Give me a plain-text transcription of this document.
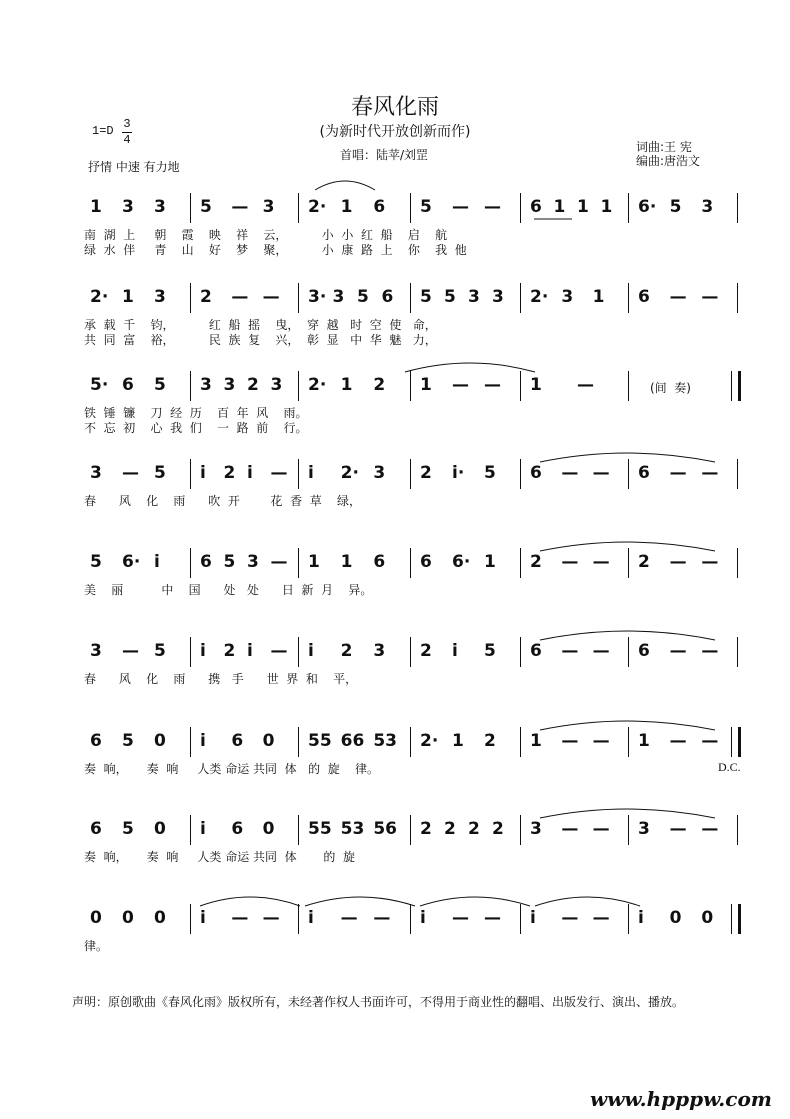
春风化雨
(为新时代开放创新而作)
首唱：陆苹/刘罡
词曲:王 宪
编曲:唐浩文
1=D 3
4
抒情 中速 有力地
1 3 3 5 — 3 2· 1 6 5 — — 6 1 1 1 6· 5 3
南  湖  上     朝    霞    映    祥    云，         小  小  红  船    启    航
绿  水  伴     青    山    好    梦    聚，         小  康  路  上    你    我  他
2· 1 3 2 — — 3· 3 5 6 5 5 3 3 2· 3 1 6 — —
承  载  千    钧，         红  船  摇    曳，  穿  越   时  空  使   命，
共  同  富    裕，         民  族  复    兴，  彰  显   中  华  魅   力，
5· 6 5 3 3 2 3 2· 1 2 1 — — 1 —	(间  奏)
铁  锤  镰    刀  经  历    百  年  风    雨。
不  忘  初    心  我  们    一  路  前    行。
3 — 5 i 2 i — i 2· 3 2 i· 5 6 — — 6 — —
春      风    化    雨      吹  开        花  香  草    绿，
5 6· i 6 5 3 — 1 1 6 6 6· 1 2 — — 2 — —
美    丽          中    国      处   处      日  新  月    异。
3 — 5 i 2 i — i 2 3 2 i 5 6 — — 6 — —
春      风    化    雨      携   手      世  界  和    平，
6 5 0 i 6 0 55 66 53 2· 1 2 1 — — 1 — —
奏  响，     奏  响     人类 命运 共同  体   的  旋    律。	D.C.
6 5 0 i 6 0 55 53 56 2 2 2 2 3 — — 3 — —
奏  响，     奏  响     人类 命运 共同  体       的  旋
0 0 0 i — — i — — i — — i — — i 0 0
律。
声明：原创歌曲《春风化雨》版权所有，未经著作权人书面许可，不得用于商业性的翻唱、出版发行、演出、播放。
www.hpppw.com
